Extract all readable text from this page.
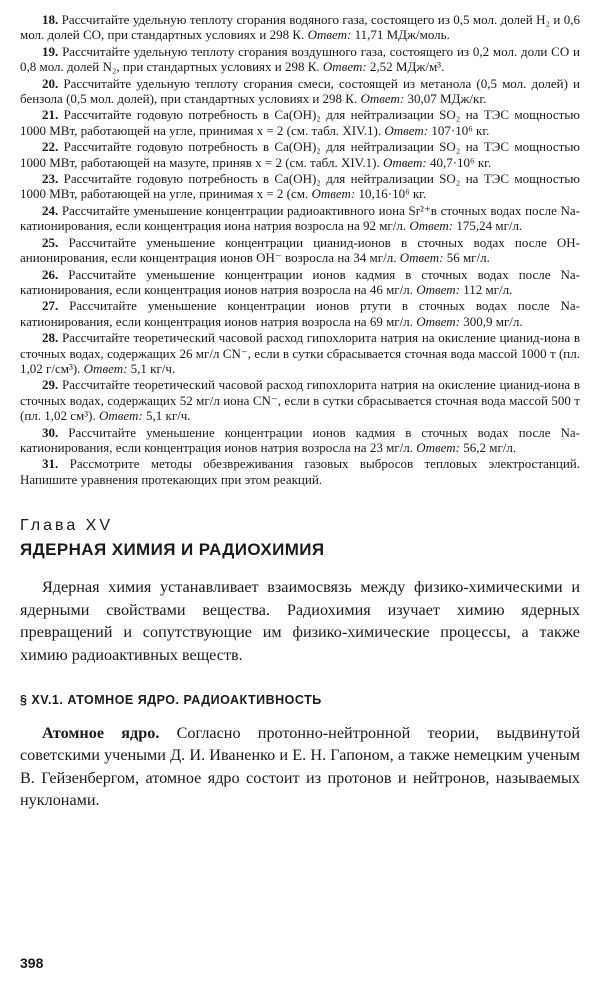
18. Рассчитайте удельную теплоту сгорания водяного газа, состоящего из 0,5 мол. долей H₂ и 0,6 мол. долей CO, при стандартных условиях и 298 К. Ответ: 11,71 МДж/моль.

19. Рассчитайте удельную теплоту сгорания воздушного газа, состоящего из 0,2 мол. доли CO и 0,8 мол. долей N₂, при стандартных условиях и 298 К. Ответ: 2,52 МДж/м³.

20. Рассчитайте удельную теплоту сгорания смеси, состоящей из метанола (0,5 мол. долей) и бензола (0,5 мол. долей), при стандартных условиях и 298 К. Ответ: 30,07 МДж/кг.

21. Рассчитайте годовую потребность в Ca(OH)₂ для нейтрализации SO₂ на ТЭС мощностью 1000 МВт, работающей на угле, принимая x = 2 (см. табл. XIV.1). Ответ: 107·10⁶ кг.

22. Рассчитайте годовую потребность в Ca(OH)₂ для нейтрализации SO₂ на ТЭС мощностью 1000 МВт, работающей на мазуте, приняв x = 2 (см. табл. XIV.1). Ответ: 40,7·10⁶ кг.

23. Рассчитайте годовую потребность в Ca(OH)₂ для нейтрализации SO₂ на ТЭС мощностью 1000 МВт, работающей на угле, принимая x = 2 (см. Ответ: 10,16·10⁶ кг.

24. Рассчитайте уменьшение концентрации радиоактивного иона Sr²⁺в сточных водах после Na-катионирования, если концентрация иона натрия возросла на 92 мг/л. Ответ: 175,24 мг/л.

25. Рассчитайте уменьшение концентрации цианид-ионов в сточных водах после OH-анионирования, если концентрация ионов OH⁻ возросла на 34 мг/л. Ответ: 56 мг/л.

26. Рассчитайте уменьшение концентрации ионов кадмия в сточных водах после Na-катионирования, если концентрация ионов натрия возросла на 46 мг/л. Ответ: 112 мг/л.

27. Рассчитайте уменьшение концентрации ионов ртути в сточных водах после Na-катионирования, если концентрация ионов натрия возросла на 69 мг/л. Ответ: 300,9 мг/л.

28. Рассчитайте теоретический часовой расход гипохлорита натрия на окисление цианид-иона в сточных водах, содержащих 26 мг/л CN⁻, если в сутки сбрасывается сточная вода массой 1000 т (пл. 1,02 г/см³). Ответ: 5,1 кг/ч.

29. Рассчитайте теоретический часовой расход гипохлорита натрия на окисление цианид-иона в сточных водах, содержащих 52 мг/л иона CN⁻, если в сутки сбрасывается сточная вода массой 500 т (пл. 1,02 см³). Ответ: 5,1 кг/ч.

30. Рассчитайте уменьшение концентрации ионов кадмия в сточных водах после Na-катионирования, если концентрация ионов натрия возросла на 23 мг/л. Ответ: 56,2 мг/л.

31. Рассмотрите методы обезвреживания газовых выбросов тепловых электростанций. Напишите уравнения протекающих при этом реакций.

Глава XV
ЯДЕРНАЯ ХИМИЯ И РАДИОХИМИЯ

Ядерная химия устанавливает взаимосвязь между физико-химическими и ядерными свойствами вещества. Радиохимия изучает химию ядерных превращений и сопутствующие им физико-химические процессы, а также химию радиоактивных веществ.

§ XV.1. АТОМНОЕ ЯДРО. РАДИОАКТИВНОСТЬ

Атомное ядро. Согласно протонно-нейтронной теории, выдвинутой советскими учеными Д. И. Иваненко и Е. Н. Гапоном, а также немецким ученым В. Гейзенбергом, атомное ядро состоит из протонов и нейтронов, называемых нуклонами.

398
